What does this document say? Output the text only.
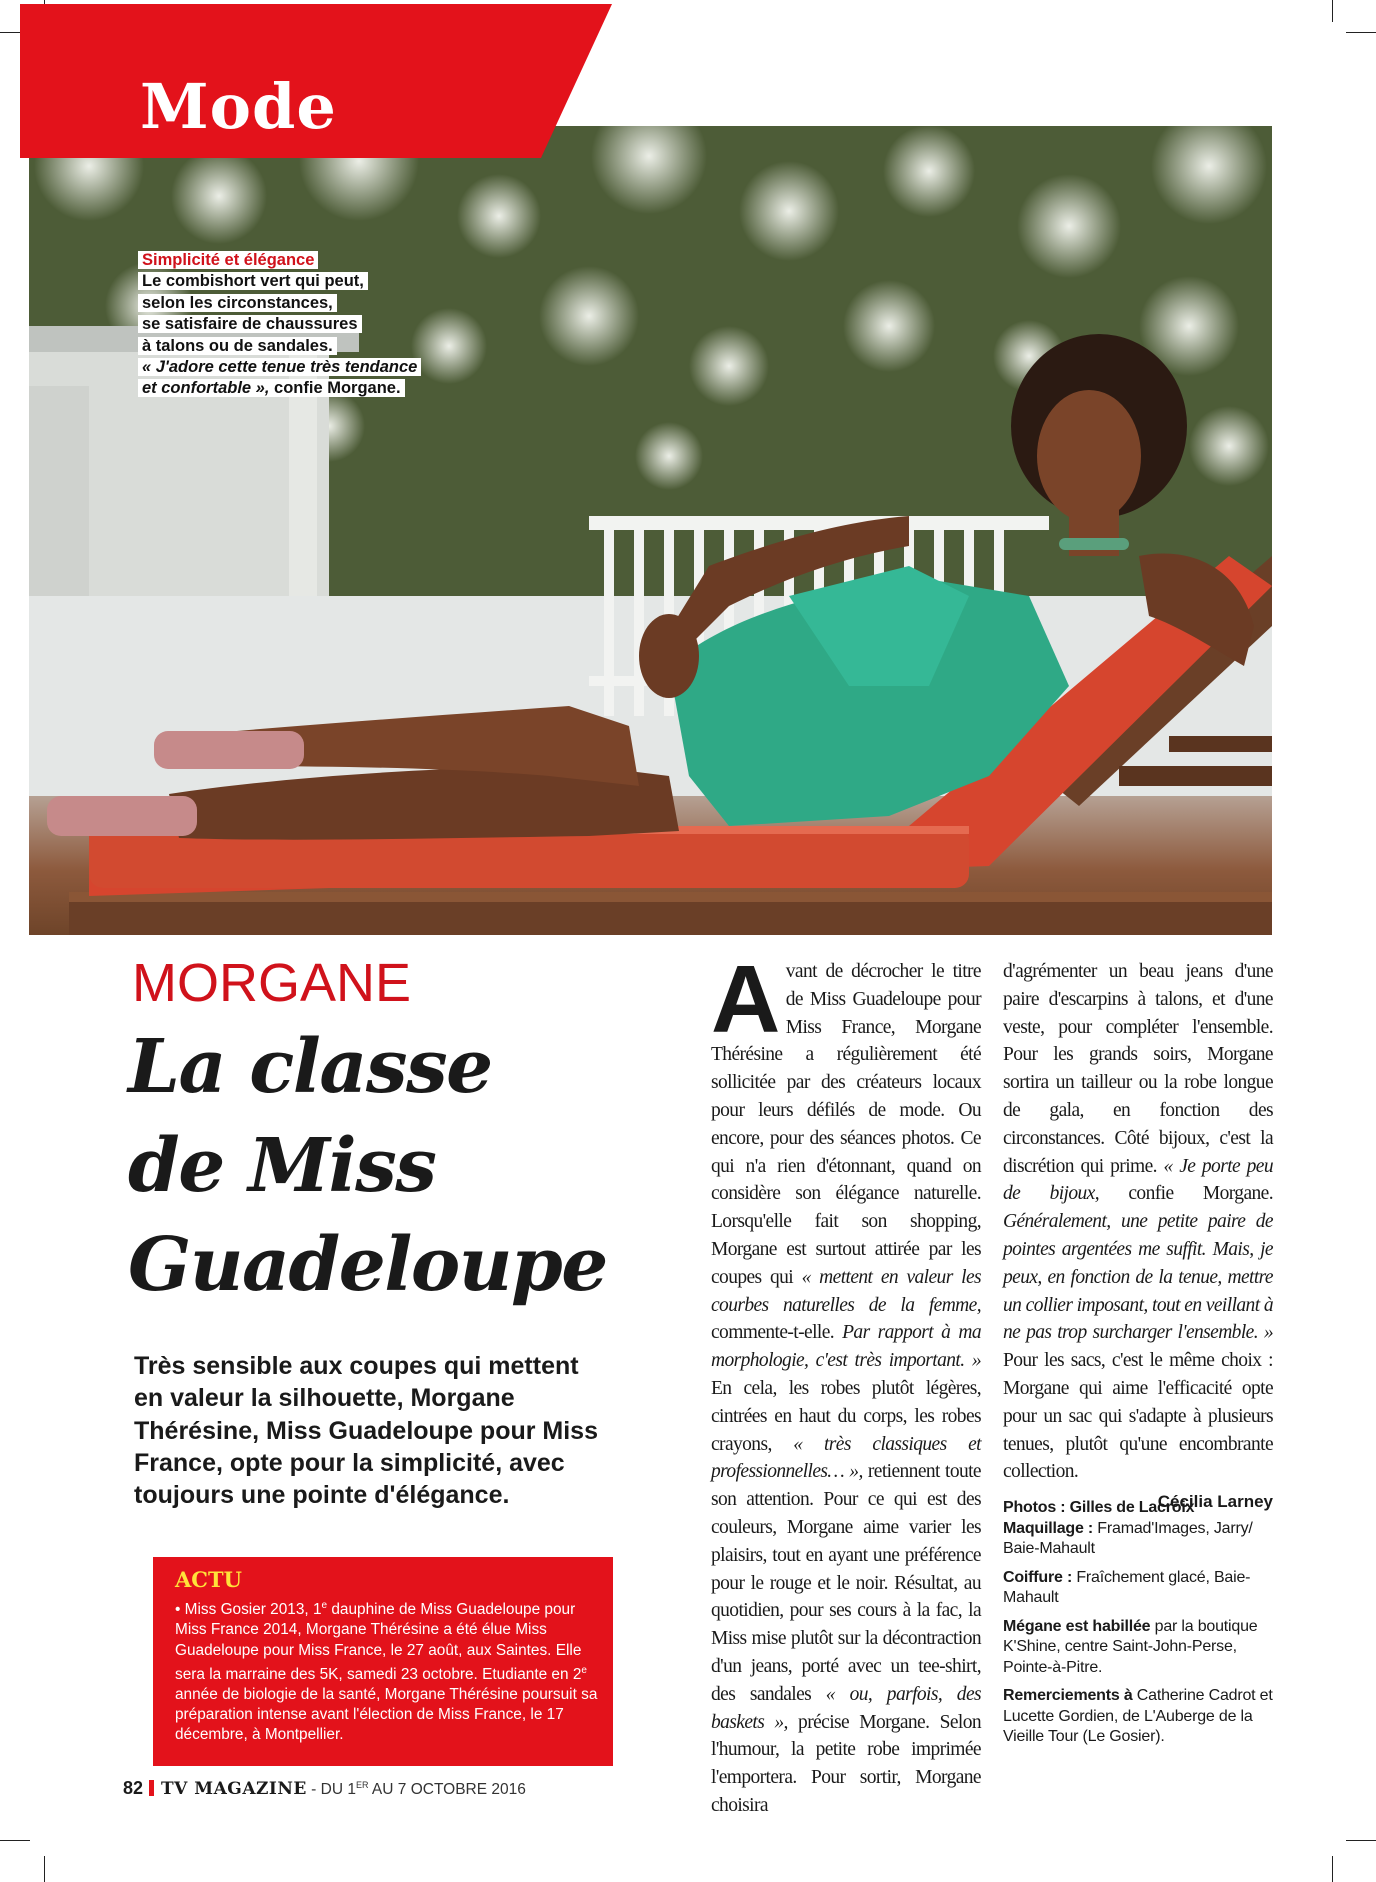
Mode
Simplicité et élégance
Le combishort vert qui peut,
selon les circonstances,
se satisfaire de chaussures
à talons ou de sandales.
« J'adore cette tenue très tendance
et confortable », confie Morgane.
MORGANE
La classe
de Miss
Guadeloupe
Très sensible aux coupes qui mettent en valeur la silhouette, Morgane Thérésine, Miss Guadeloupe pour Miss France, opte pour la simplicité, avec toujours une pointe d'élégance.
ACTU
• Miss Gosier 2013, 1e dauphine de Miss Guadeloupe pour Miss France 2014, Morgane Thérésine a été élue Miss Guadeloupe pour Miss France, le 27 août, aux Saintes. Elle sera la marraine des 5K, samedi 23 octobre. Etudiante en 2e année de biologie de la santé, Morgane Thérésine poursuit sa préparation intense avant l'élection de Miss France, le 17 décembre, à Montpellier.
82 TV MAGAZINE - DU 1ER AU 7 OCTOBRE 2016
Avant de décrocher le titre de Miss Guadeloupe pour Miss France, Morgane Thérésine a régulièrement été sollicitée par des créateurs locaux pour leurs défilés de mode. Ou encore, pour des séances photos. Ce qui n'a rien d'étonnant, quand on considère son élégance naturelle. Lorsqu'elle fait son shopping, Morgane est surtout attirée par les coupes qui « mettent en valeur les courbes naturelles de la femme, commente-t-elle. Par rapport à ma morphologie, c'est très important. » En cela, les robes plutôt légères, cintrées en haut du corps, les robes crayons, « très classiques et professionnelles… », retiennent toute son attention. Pour ce qui est des couleurs, Morgane aime varier les plaisirs, tout en ayant une préférence pour le rouge et le noir. Résultat, au quotidien, pour ses cours à la fac, la Miss mise plutôt sur la décontraction d'un jeans, porté avec un tee-shirt, des sandales « ou, parfois, des baskets », précise Morgane. Selon l'humour, la petite robe imprimée l'emportera. Pour sortir, Morgane choisira
d'agrémenter un beau jeans d'une paire d'escarpins à talons, et d'une veste, pour compléter l'ensemble. Pour les grands soirs, Morgane sortira un tailleur ou la robe longue de gala, en fonction des circonstances. Côté bijoux, c'est la discrétion qui prime. « Je porte peu de bijoux, confie Morgane. Généralement, une petite paire de pointes argentées me suffit. Mais, je peux, en fonction de la tenue, mettre un collier imposant, tout en veillant à ne pas trop surcharger l'ensemble. » Pour les sacs, c'est le même choix : Morgane qui aime l'efficacité opte pour un sac qui s'adapte à plusieurs tenues, plutôt qu'une encombrante collection.
Cécilia Larney

Photos : Gilles de Lacroix
Maquillage : Framad'Images, Jarry/ Baie-Mahault

Coiffure : Fraîchement glacé, Baie-Mahault

Mégane est habillée par la boutique K'Shine, centre Saint-John-Perse, Pointe-à-Pitre.

Remerciements à Catherine Cadrot et Lucette Gordien, de L'Auberge de la Vieille Tour (Le Gosier).
